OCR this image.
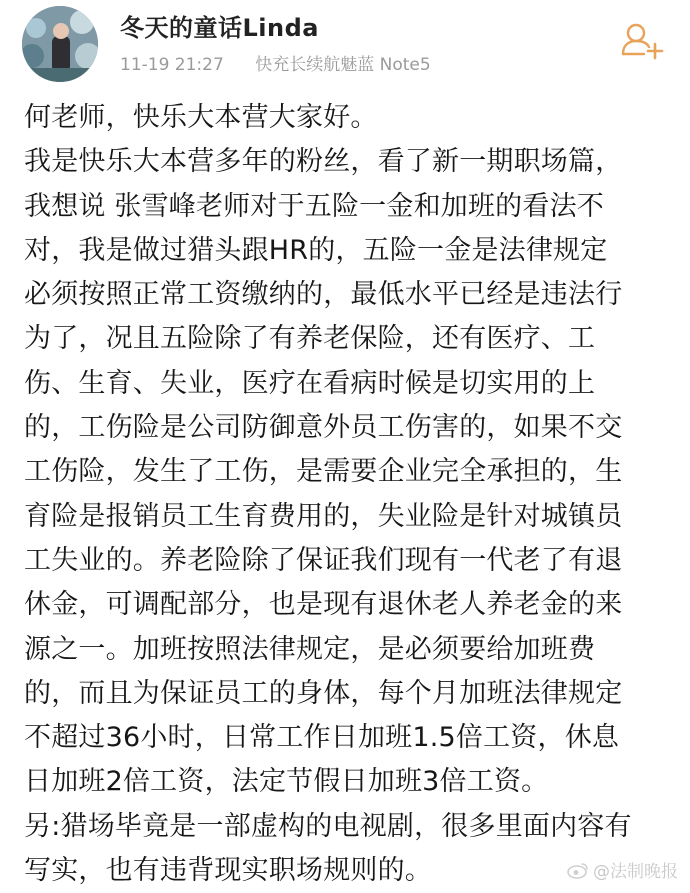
冬天的童话Linda
11-19 21:27 快充长续航魅蓝 Note5
何老师，快乐大本营大家好。
我是快乐大本营多年的粉丝，看了新一期职场篇，
我想说 张雪峰老师对于五险一金和加班的看法不
对，我是做过猎头跟HR的，五险一金是法律规定
必须按照正常工资缴纳的，最低水平已经是违法行
为了，况且五险除了有养老保险，还有医疗、工
伤、生育、失业，医疗在看病时候是切实用的上
的，工伤险是公司防御意外员工伤害的，如果不交
工伤险，发生了工伤，是需要企业完全承担的，生
育险是报销员工生育费用的，失业险是针对城镇员
工失业的。养老险除了保证我们现有一代老了有退
休金，可调配部分，也是现有退休老人养老金的来
源之一。加班按照法律规定，是必须要给加班费
的，而且为保证员工的身体，每个月加班法律规定
不超过36小时，日常工作日加班1.5倍工资，休息
日加班2倍工资，法定节假日加班3倍工资。
另:猎场毕竟是一部虚构的电视剧，很多里面内容有
写实，也有违背现实职场规则的。	@法制晚报
